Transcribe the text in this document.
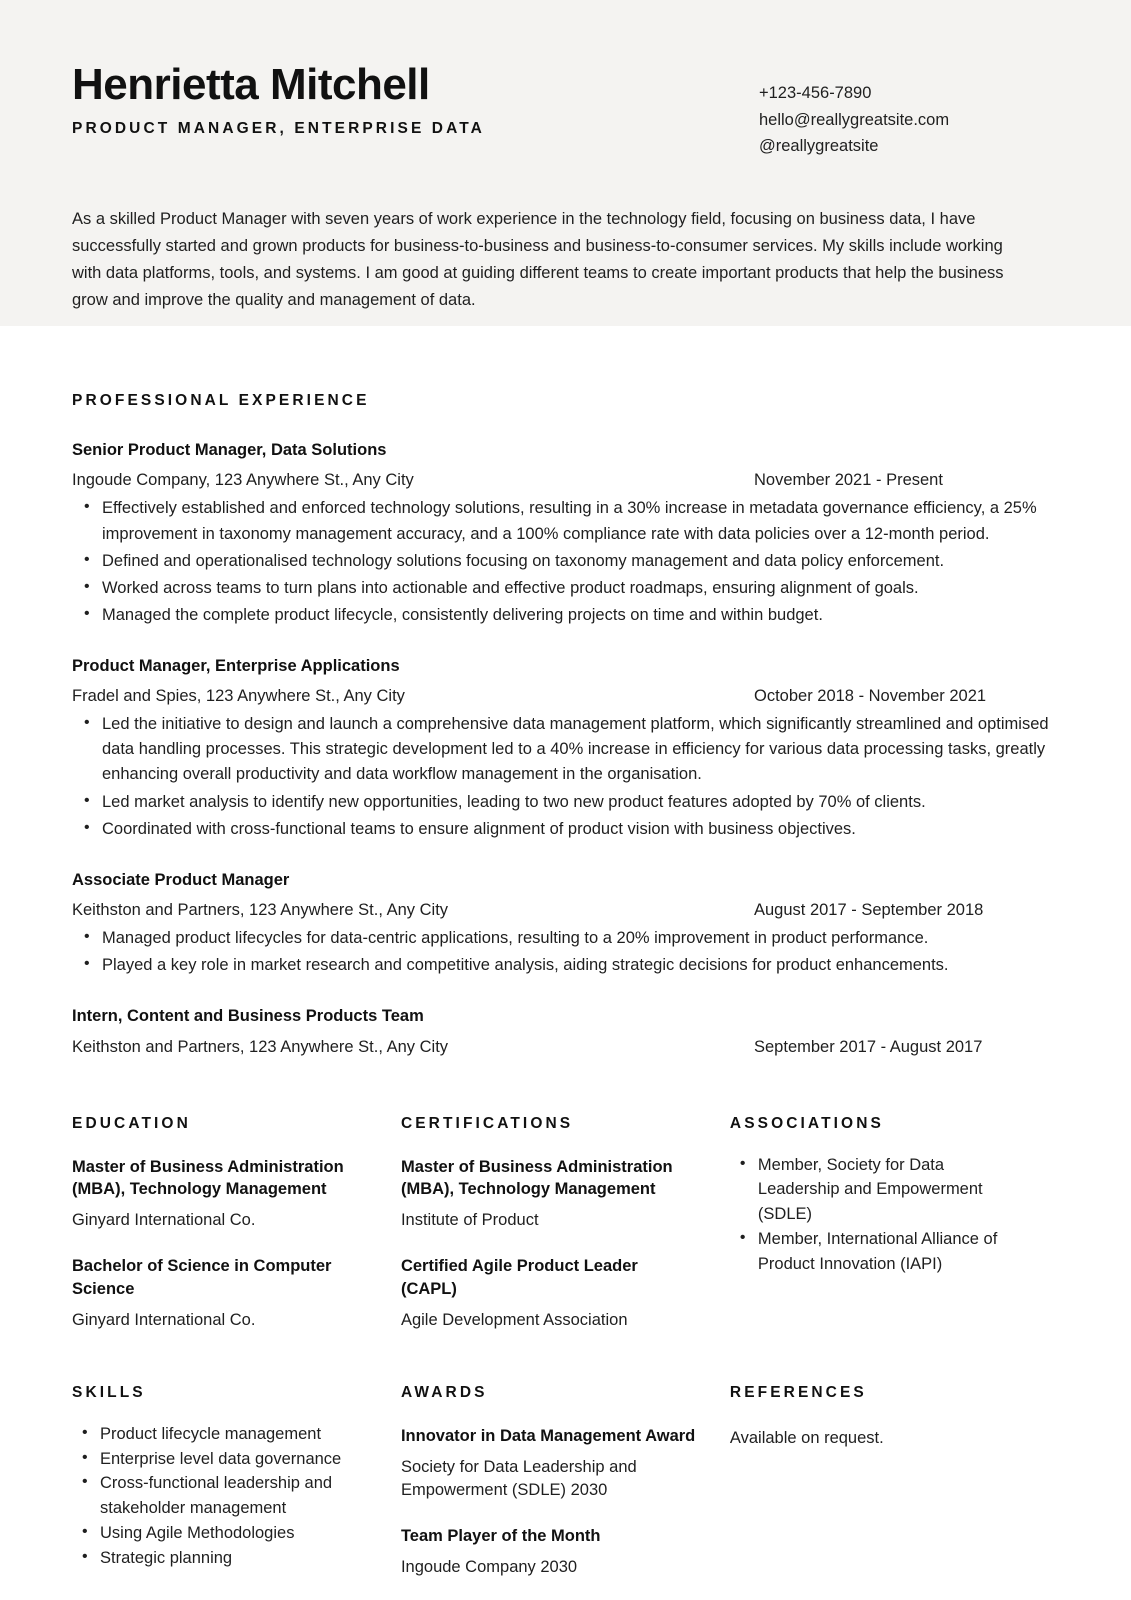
Henrietta Mitchell
PRODUCT MANAGER, ENTERPRISE DATA
+123-456-7890
hello@reallygreatsite.com
@reallygreatsite
As a skilled Product Manager with seven years of work experience in the technology field, focusing on business data, I have successfully started and grown products for business-to-business and business-to-consumer services. My skills include working with data platforms, tools, and systems. I am good at guiding different teams to create important products that help the business grow and improve the quality and management of data.
PROFESSIONAL EXPERIENCE
Senior Product Manager, Data Solutions
Ingoude Company, 123 Anywhere St., Any City	November 2021 - Present
• Effectively established and enforced technology solutions, resulting in a 30% increase in metadata governance efficiency, a 25% improvement in taxonomy management accuracy, and a 100% compliance rate with data policies over a 12-month period.
• Defined and operationalised technology solutions focusing on taxonomy management and data policy enforcement.
• Worked across teams to turn plans into actionable and effective product roadmaps, ensuring alignment of goals.
• Managed the complete product lifecycle, consistently delivering projects on time and within budget.
Product Manager, Enterprise Applications
Fradel and Spies, 123 Anywhere St., Any City	October 2018 - November 2021
• Led the initiative to design and launch a comprehensive data management platform, which significantly streamlined and optimised data handling processes. This strategic development led to a 40% increase in efficiency for various data processing tasks, greatly enhancing overall productivity and data workflow management in the organisation.
• Led market analysis to identify new opportunities, leading to two new product features adopted by 70% of clients.
• Coordinated with cross-functional teams to ensure alignment of product vision with business objectives.
Associate Product Manager
Keithston and Partners, 123 Anywhere St., Any City	August 2017 - September 2018
• Managed product lifecycles for data-centric applications, resulting to a 20% improvement in product performance.
• Played a key role in market research and competitive analysis, aiding strategic decisions for product enhancements.
Intern, Content and Business Products Team
Keithston and Partners, 123 Anywhere St., Any City	September 2017 - August 2017
EDUCATION
Master of Business Administration (MBA), Technology Management
Ginyard International Co.
Bachelor of Science in Computer Science
Ginyard International Co.
CERTIFICATIONS
Master of Business Administration (MBA), Technology Management
Institute of Product
Certified Agile Product Leader (CAPL)
Agile Development Association
ASSOCIATIONS
• Member, Society for Data Leadership and Empowerment (SDLE)
• Member, International Alliance of Product Innovation (IAPI)
SKILLS
• Product lifecycle management
• Enterprise level data governance
• Cross-functional leadership and stakeholder management
• Using Agile Methodologies
• Strategic planning
AWARDS
Innovator in Data Management Award
Society for Data Leadership and Empowerment (SDLE) 2030
Team Player of the Month
Ingoude Company 2030
REFERENCES
Available on request.
